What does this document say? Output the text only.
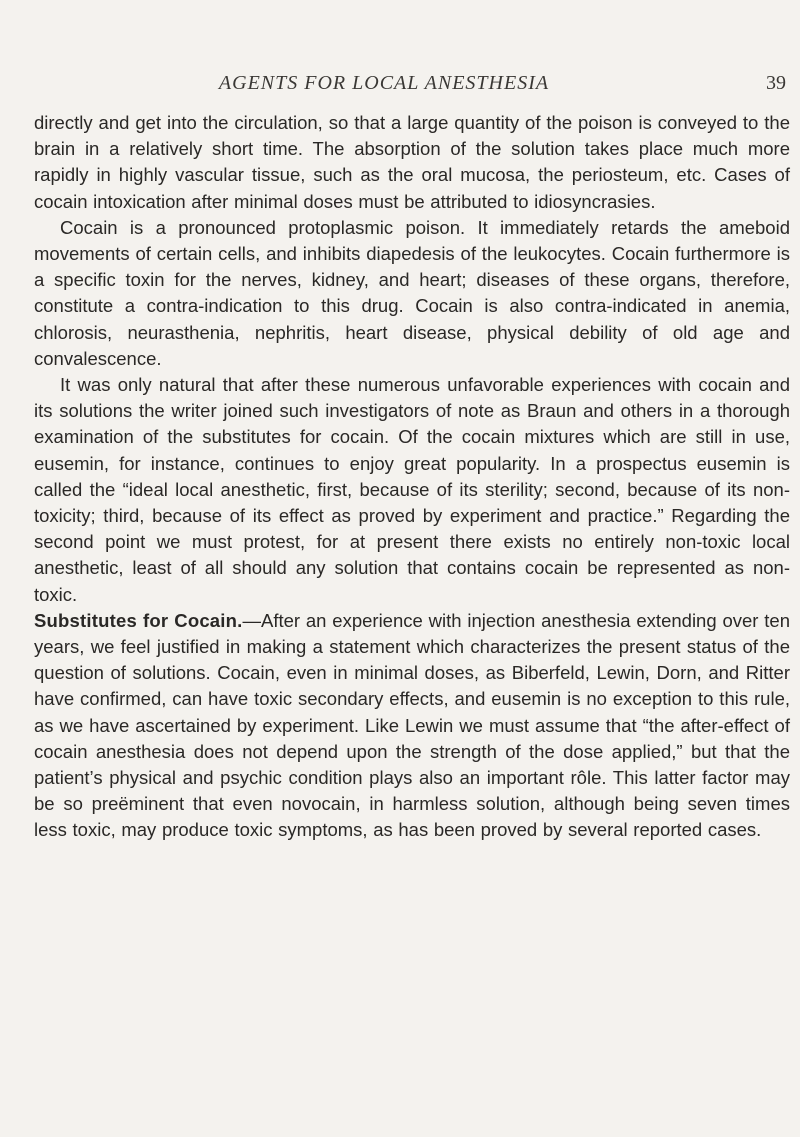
AGENTS FOR LOCAL ANESTHESIA	39

directly and get into the circulation, so that a large quantity of the poison is conveyed to the brain in a relatively short time. The absorption of the solution takes place much more rapidly in highly vascular tissue, such as the oral mucosa, the periosteum, etc. Cases of cocain intoxication after minimal doses must be attributed to idiosyncrasies.

Cocain is a pronounced protoplasmic poison. It immediately retards the ameboid movements of certain cells, and inhibits diapedesis of the leukocytes. Cocain furthermore is a specific toxin for the nerves, kidney, and heart; diseases of these organs, therefore, constitute a contra-indication to this drug. Cocain is also contra-indicated in anemia, chlorosis, neurasthenia, nephritis, heart disease, physical debility of old age and convalescence.

It was only natural that after these numerous unfavorable experiences with cocain and its solutions the writer joined such investigators of note as Braun and others in a thorough examination of the substitutes for cocain. Of the cocain mixtures which are still in use, eusemin, for instance, continues to enjoy great popularity. In a prospectus eusemin is called the “ideal local anesthetic, first, because of its sterility; second, because of its non-toxicity; third, because of its effect as proved by experiment and practice.” Regarding the second point we must protest, for at present there exists no entirely non-toxic local anesthetic, least of all should any solution that contains cocain be represented as non-toxic.

Substitutes for Cocain.—After an experience with injection anesthesia extending over ten years, we feel justified in making a statement which characterizes the present status of the question of solutions. Cocain, even in minimal doses, as Biberfeld, Lewin, Dorn, and Ritter have confirmed, can have toxic secondary effects, and eusemin is no exception to this rule, as we have ascertained by experiment. Like Lewin we must assume that “the after-effect of cocain anesthesia does not depend upon the strength of the dose applied,” but that the patient’s physical and psychic condition plays also an important rôle. This latter factor may be so preëminent that even novocain, in harmless solution, although being seven times less toxic, may produce toxic symptoms, as has been proved by several reported cases.
